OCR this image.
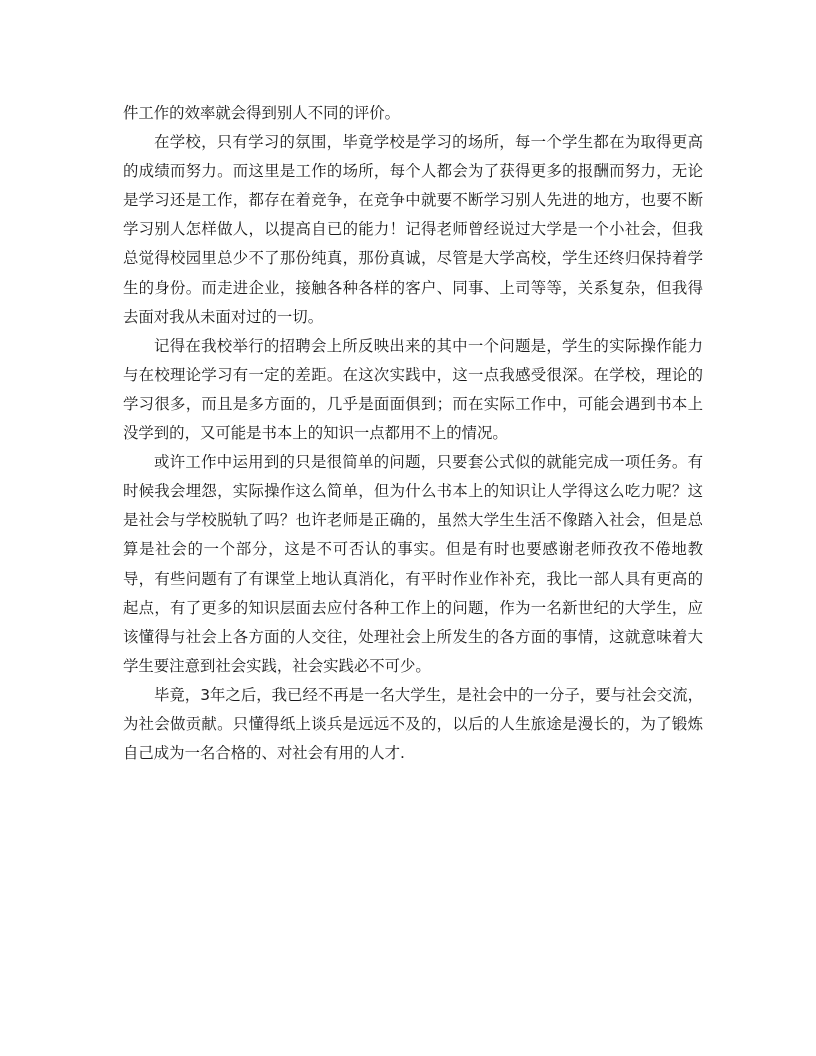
件工作的效率就会得到别人不同的评价。

在学校，只有学习的氛围，毕竟学校是学习的场所，每一个学生都在为取得更高的成绩而努力。而这里是工作的场所，每个人都会为了获得更多的报酬而努力，无论是学习还是工作，都存在着竞争，在竞争中就要不断学习别人先进的地方，也要不断学习别人怎样做人，以提高自已的能力！记得老师曾经说过大学是一个小社会，但我总觉得校园里总少不了那份纯真，那份真诚，尽管是大学高校，学生还终归保持着学生的身份。而走进企业，接触各种各样的客户、同事、上司等等，关系复杂，但我得去面对我从未面对过的一切。

记得在我校举行的招聘会上所反映出来的其中一个问题是，学生的实际操作能力与在校理论学习有一定的差距。在这次实践中，这一点我感受很深。在学校，理论的学习很多，而且是多方面的，几乎是面面俱到；而在实际工作中，可能会遇到书本上没学到的，又可能是书本上的知识一点都用不上的情况。

或许工作中运用到的只是很简单的问题，只要套公式似的就能完成一项任务。有时候我会埋怨，实际操作这么简单，但为什么书本上的知识让人学得这么吃力呢？这是社会与学校脱轨了吗？也许老师是正确的，虽然大学生生活不像踏入社会，但是总算是社会的一个部分，这是不可否认的事实。但是有时也要感谢老师孜孜不倦地教导，有些问题有了有课堂上地认真消化，有平时作业作补充，我比一部人具有更高的起点，有了更多的知识层面去应付各种工作上的问题，作为一名新世纪的大学生，应该懂得与社会上各方面的人交往，处理社会上所发生的各方面的事情，这就意味着大学生要注意到社会实践，社会实践必不可少。

毕竟，3年之后，我已经不再是一名大学生，是社会中的一分子，要与社会交流，为社会做贡献。只懂得纸上谈兵是远远不及的，以后的人生旅途是漫长的，为了锻炼自己成为一名合格的、对社会有用的人才.
